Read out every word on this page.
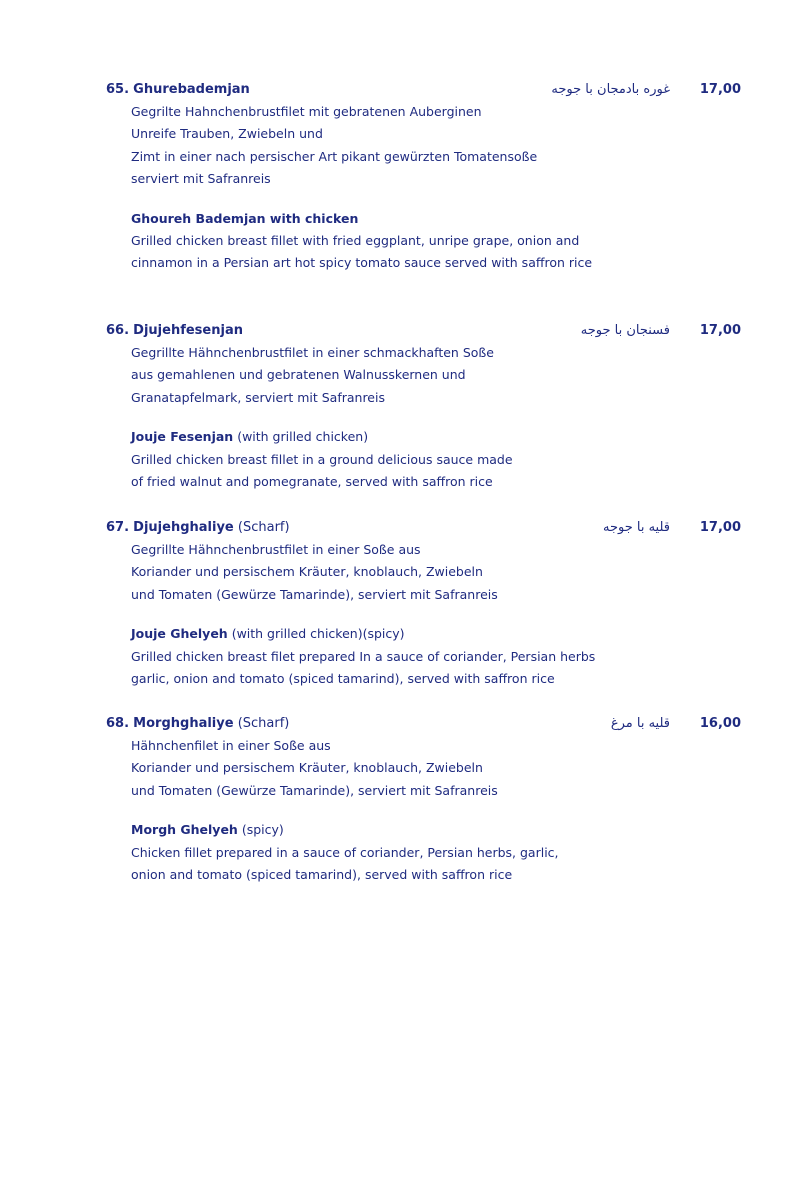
65. Ghurebademjan	غوره بادمجان با جوجه 17,00
Gegrilte Hahnchenbrustfilet mit gebratenen Auberginen
Unreife Trauben, Zwiebeln und
Zimt in einer nach persischer Art pikant gewürzten Tomatensoße
serviert mit Safranreis
Ghoureh Bademjan with chicken
Grilled chicken breast fillet with fried eggplant, unripe grape, onion and
cinnamon in a Persian art hot spicy tomato sauce served with saffron rice
66. Djujehfesenjan	فسنجان با جوجه 17,00
Gegrillte Hähnchenbrustfilet in einer schmackhaften Soße
aus gemahlenen und gebratenen Walnusskernen und
Granatapfelmark, serviert mit Safranreis
Jouje Fesenjan (with grilled chicken)
Grilled chicken breast fillet in a ground delicious sauce made
of fried walnut and pomegranate, served with saffron rice
67. Djujehghaliye (Scharf)	قلیه با جوجه 17,00
Gegrillte Hähnchenbrustfilet in einer Soße aus
Koriander und persischem Kräuter, knoblauch, Zwiebeln
und Tomaten (Gewürze Tamarinde), serviert mit Safranreis
Jouje Ghelyeh (with grilled chicken)(spicy)
Grilled chicken breast filet prepared In a sauce of coriander, Persian herbs
garlic, onion and tomato (spiced tamarind), served with saffron rice
68. Morghghaliye (Scharf)	قلیه با مرغ 16,00
Hähnchenfilet in einer Soße aus
Koriander und persischem Kräuter, knoblauch, Zwiebeln
und Tomaten (Gewürze Tamarinde), serviert mit Safranreis
Morgh Ghelyeh (spicy)
Chicken fillet prepared in a sauce of coriander, Persian herbs, garlic,
onion and tomato (spiced tamarind), served with saffron rice
